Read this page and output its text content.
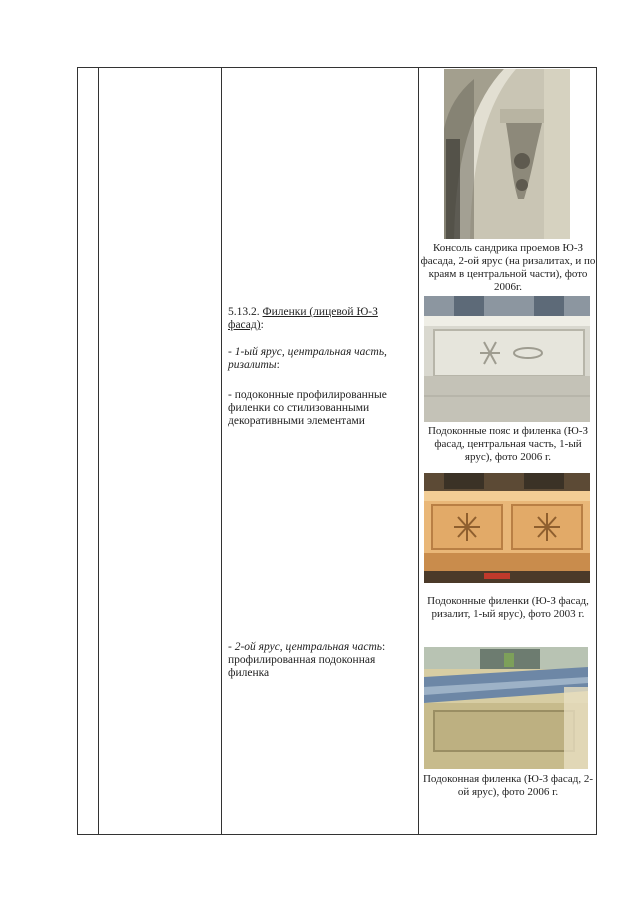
5.13.2. Филенки (лицевой Ю-З фасад):
- 1-ый ярус, центральная часть, ризалиты:
- подоконные профилированные филенки со стилизованными декоративными элементами
- 2-ой ярус, центральная часть:
профилированная подоконная филенка
Консоль сандрика проемов Ю-З фасада, 2-ой ярус (на ризалитах, и по краям в центральной части), фото 2006г.
Подоконные пояс и филенка (Ю-З фасад, центральная часть, 1-ый ярус), фото 2006 г.
Подоконные филенки (Ю-З фасад, ризалит, 1-ый ярус), фото 2003 г.
Подоконная филенка (Ю-З фасад, 2-ой ярус), фото 2006 г.
